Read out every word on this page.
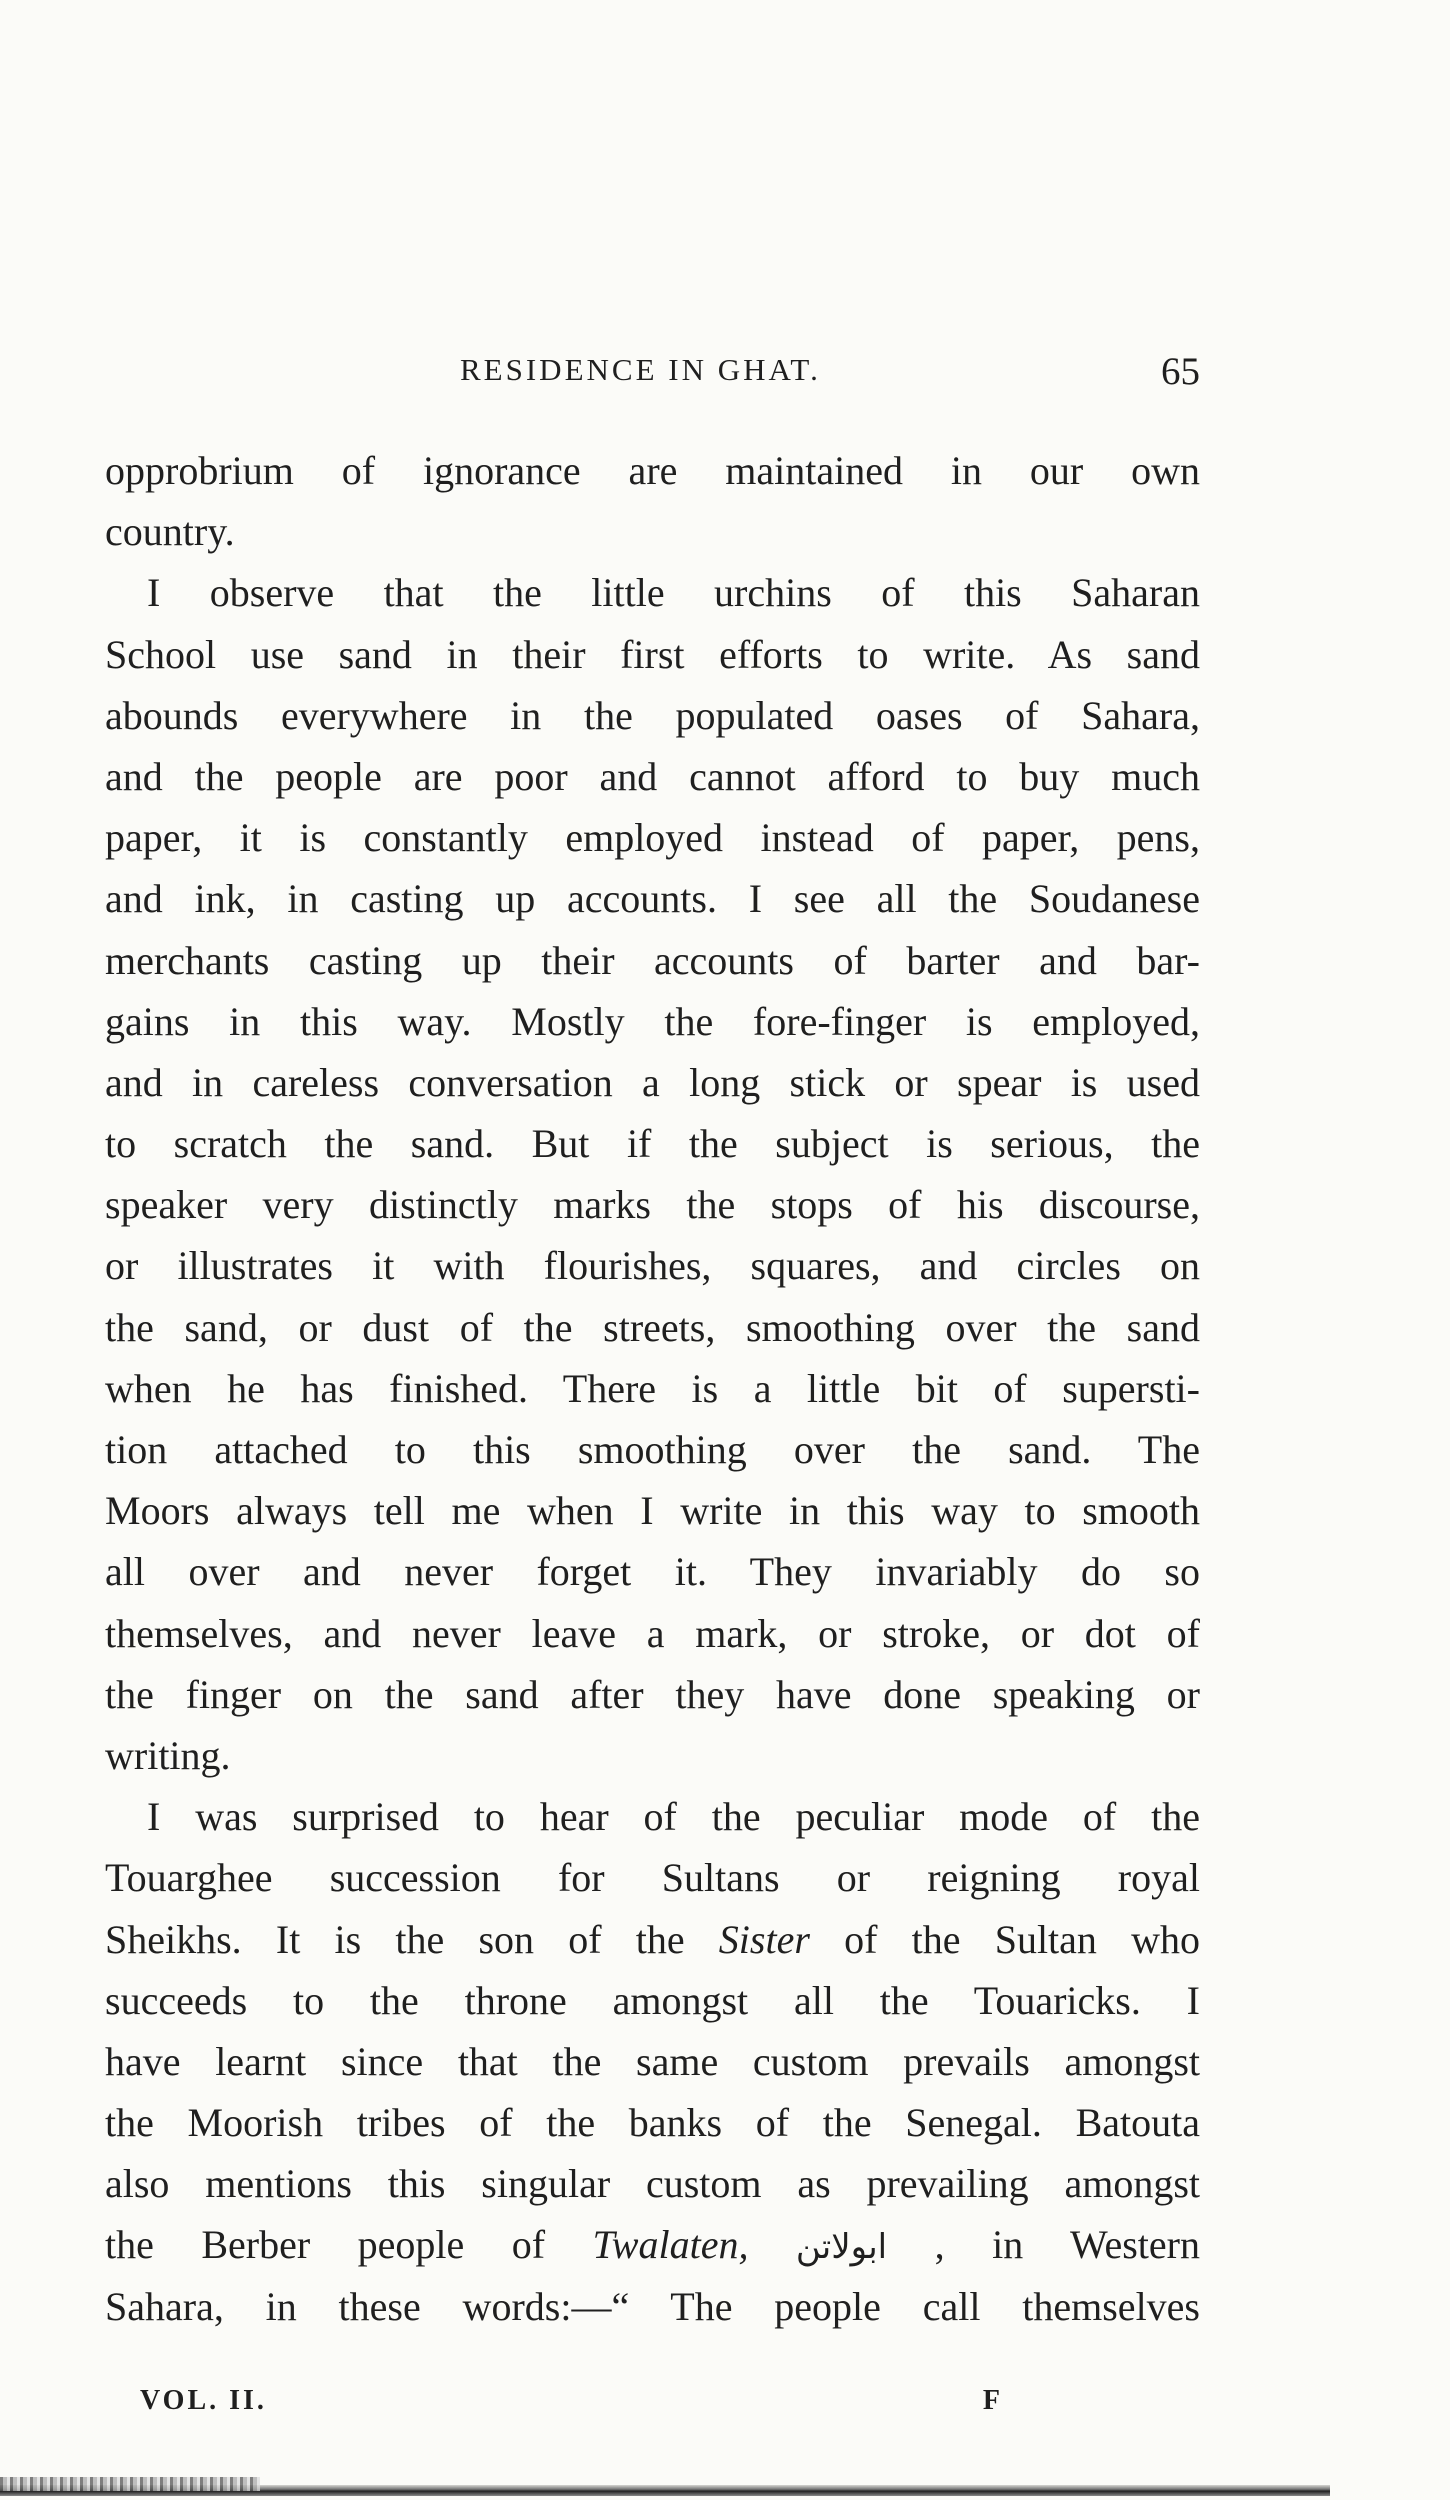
RESIDENCE IN GHAT.	65
opprobrium of ignorance are maintained in our own
country.
I observe that the little urchins of this Saharan
School use sand in their first efforts to write. As sand
abounds everywhere in the populated oases of Sahara,
and the people are poor and cannot afford to buy much
paper, it is constantly employed instead of paper, pens,
and ink, in casting up accounts. I see all the Soudanese
merchants casting up their accounts of barter and bar-
gains in this way. Mostly the fore-finger is employed,
and in careless conversation a long stick or spear is used
to scratch the sand. But if the subject is serious, the
speaker very distinctly marks the stops of his discourse,
or illustrates it with flourishes, squares, and circles on
the sand, or dust of the streets, smoothing over the sand
when he has finished. There is a little bit of supersti-
tion attached to this smoothing over the sand. The
Moors always tell me when I write in this way to smooth
all over and never forget it. They invariably do so
themselves, and never leave a mark, or stroke, or dot of
the finger on the sand after they have done speaking or
writing.
I was surprised to hear of the peculiar mode of the
Touarghee succession for Sultans or reigning royal
Sheikhs. It is the son of the Sister of the Sultan who
succeeds to the throne amongst all the Touaricks. I
have learnt since that the same custom prevails amongst
the Moorish tribes of the banks of the Senegal. Batouta
also mentions this singular custom as prevailing amongst
the Berber people of Twalaten, ابولاتن , in Western
Sahara, in these words:—“ The people call themselves
VOL. II.	F
